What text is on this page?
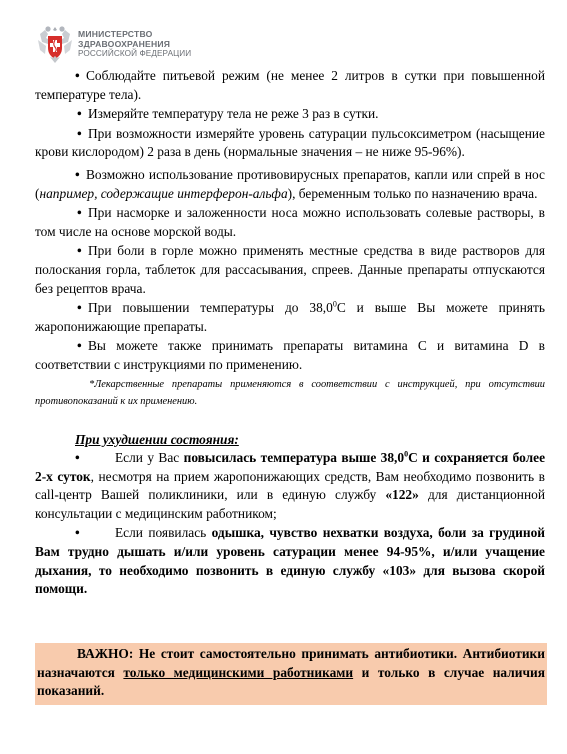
МИНИСТЕРСТВО
ЗДРАВООХРАНЕНИЯ
РОССИЙСКОЙ ФЕДЕРАЦИИ

• Соблюдайте питьевой режим (не менее 2 литров в сутки при повышенной температуре тела).

• Измеряйте температуру тела не реже 3 раз в сутки.

• При возможности измеряйте уровень сатурации пульсоксиметром (насыщение крови кислородом) 2 раза в день (нормальные значения – не ниже 95-96%).

• Возможно использование противовирусных препаратов, капли или спрей в нос (например, содержащие интерферон-альфа), беременным только по назначению врача.

• При насморке и заложенности носа можно использовать солевые растворы, в том числе на основе морской воды.

• При боли в горле можно применять местные средства в виде растворов для полоскания горла, таблеток для рассасывания, спреев. Данные препараты отпускаются без рецептов врача.

• При повышении температуры до 38,0$^0$С и выше Вы можете принять жаропонижающие препараты.

• Вы можете также принимать препараты витамина С и витамина D в соответствии с инструкциями по применению.

*Лекарственные препараты применяются в соответствии с инструкцией, при отсутствии противопоказаний к их применению.

При ухудшении состояния:

• Если у Вас повысилась температура выше 38,0$^0$С и сохраняется более 2-х суток, несмотря на прием жаропонижающих средств, Вам необходимо позвонить в call-центр Вашей поликлиники, или в единую службу «122» для дистанционной консультации с медицинским работником;

• Если появилась одышка, чувство нехватки воздуха, боли за грудиной Вам трудно дышать и/или уровень сатурации менее 94-95%, и/или учащение дыхания, то необходимо позвонить в единую службу «103» для вызова скорой помощи.

ВАЖНО: Не стоит самостоятельно принимать антибиотики. Антибиотики назначаются только медицинскими работниками и только в случае наличия показаний.
